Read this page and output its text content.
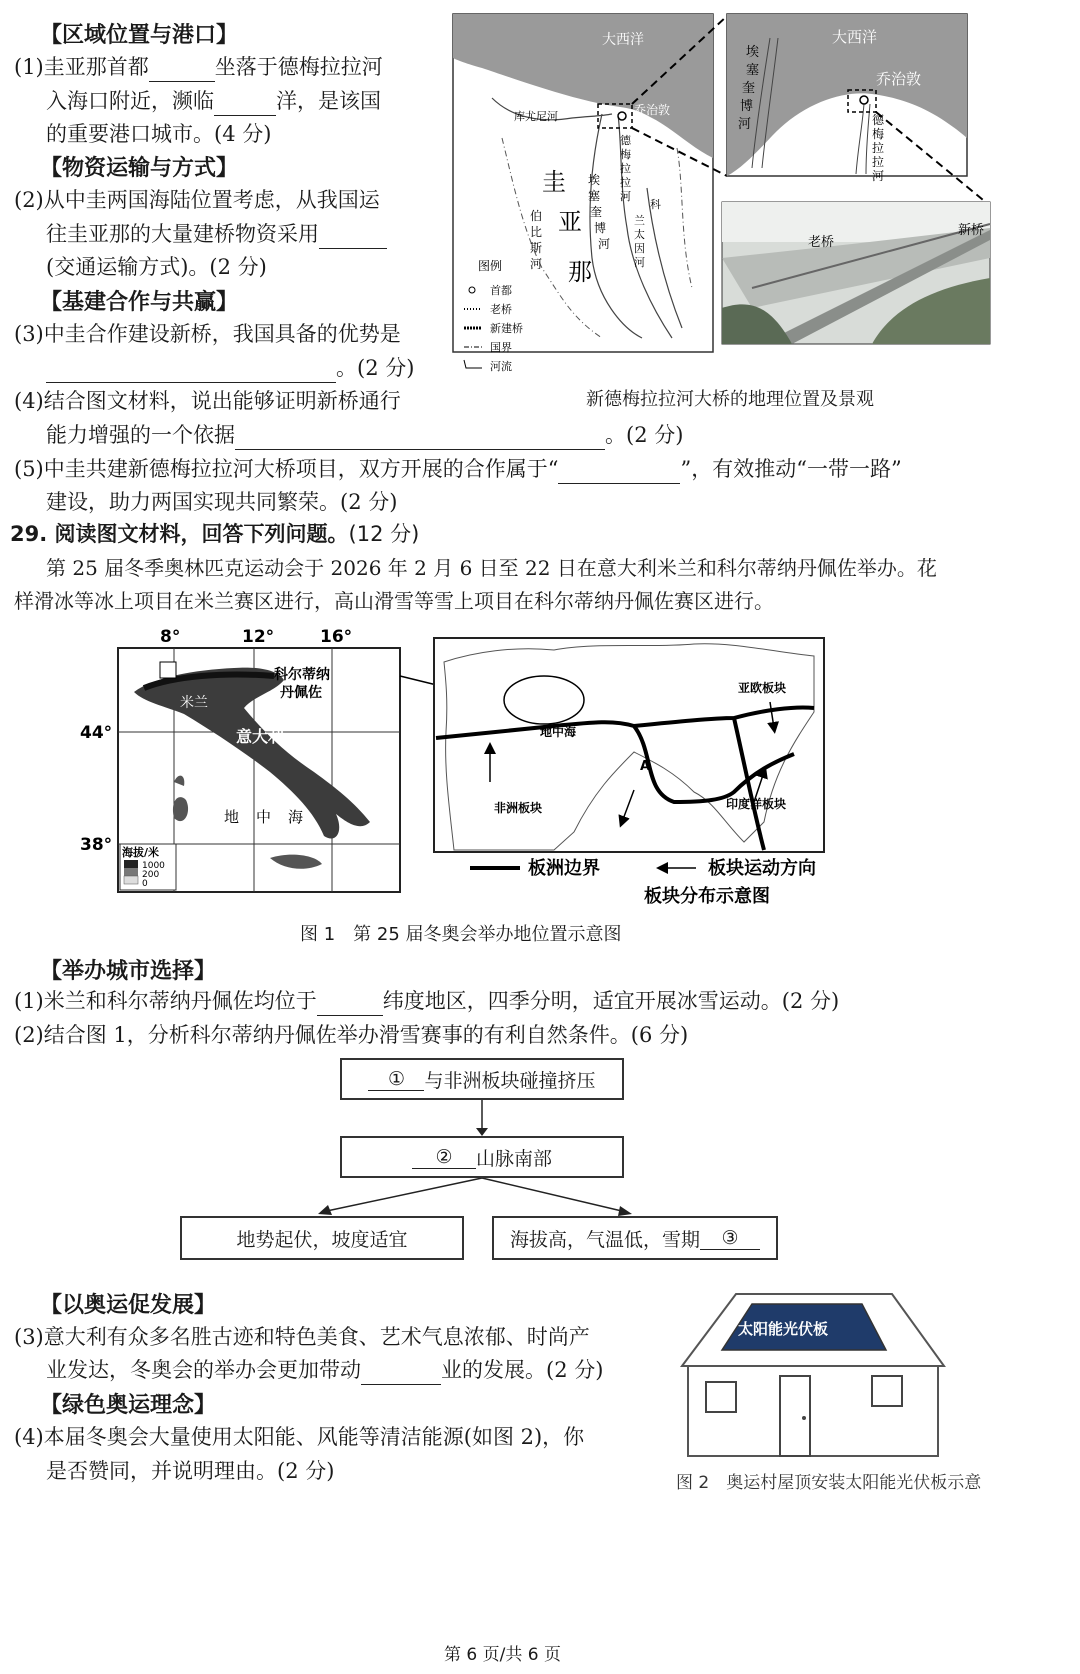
【区域位置与港口】
(1)圭亚那首都	坐落于德梅拉拉河
入海口附近，濒临	洋，是该国
的重要港口城市。(4 分)
【物资运输与方式】
(2)从中圭两国海陆位置考虑，从我国运
往圭亚那的大量建桥物资采用
(交通运输方式)。(2 分)
【基建合作与共赢】
(3)中圭合作建设新桥，我国具备的优势是
。(2 分)
(4)结合图文材料，说出能够证明新桥通行
能力增强的一个依据	。(2 分)
(5)中圭共建新德梅拉拉河大桥项目，双方开展的合作属于“	”，有效推动“一带一路”
建设，助力两国实现共同繁荣。(2 分)
大西洋
库尤尼河	乔治敦
圭
亚
那
埃
塞
奎
博
河
德
梅
拉
拉
河
伯
比
斯
河
科
兰
太
因
河
图例
首都
老桥
新建桥
国界
河流
大西洋
乔治敦
埃
塞
奎
博
河	德
梅
拉
拉
河
老桥
新桥
新德梅拉拉河大桥的地理位置及景观
29. 阅读图文材料，回答下列问题。(12 分)
第 25 届冬季奥林匹克运动会于 2026 年 2 月 6 日至 22 日在意大利米兰和科尔蒂纳丹佩佐举办。花
样滑冰等冰上项目在米兰赛区进行，高山滑雪等雪上项目在科尔蒂纳丹佩佐赛区进行。
8°	12°	16°
44°
38°
米兰
科尔蒂纳
丹佩佐
意大利
地 中 海
海拔/米
1000
200
0
亚欧板块
非洲板块	印度洋板块
地中海
A
板洲边界	板块运动方向
板块分布示意图
图 1　第 25 届冬奥会举办地位置示意图
【举办城市选择】
(1)米兰和科尔蒂纳丹佩佐均位于	纬度地区，四季分明，适宜开展冰雪运动。(2 分)
(2)结合图 1，分析科尔蒂纳丹佩佐举办滑雪赛事的有利自然条件。(6 分)
①	与非洲板块碰撞挤压
②	山脉南部
地势起伏，坡度适宜	海拔高，气温低，雪期	③
【以奥运促发展】
(3)意大利有众多名胜古迹和特色美食、艺术气息浓郁、时尚产
业发达，冬奥会的举办会更加带动	业的发展。(2 分)
【绿色奥运理念】
(4)本届冬奥会大量使用太阳能、风能等清洁能源(如图 2)，你
是否赞同，并说明理由。(2 分)
太阳能光伏板
图 2　奥运村屋顶安装太阳能光伏板示意
第 6 页/共 6 页
